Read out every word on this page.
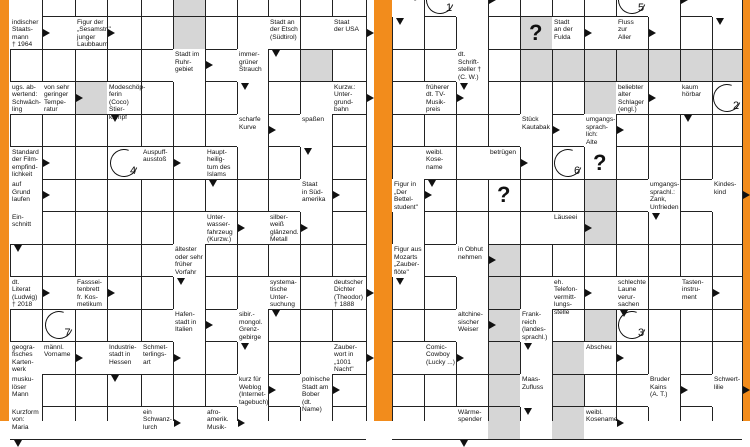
indischer
Staats-
mann
† 1964
Figur der
„Sesamstr."
junger
Laubbaum
Stadt an
der Etsch
(Südtirol)
Staat
der USA
Stadt im
Ruhr-
gebiet
immer-
grüner
Strauch
ugs. ab-
wertend:
Schwäch-
ling
von sehr
geringer
Tempe-
ratur
Modeschöp-
ferin (Coco)
Stier-
kampf
Kurzw.:
Unter-
grund-
bahn
scharfe
Kurve
spaßen
Standard
der Film-
empfind-
lichkeit
Auspuff-
ausstoß
Haupt-
heilig-
tum des
Islams
auf
Grund
laufen
Staat
in Süd-
amerika
Ein-
schnitt
Unter-
wasser-
fahrzeug
(Kurzw.)
silber-
weiß
glänzend.
Metall
ältester
oder sehr
früher
Vorfahr
dt.
Literat
(Ludwig)
† 2018
Fasssei-
tenbrett
fr. Kos-
metikum
systema-
tische
Unter-
suchung
deutscher
Dichter
(Theodor)
† 1888
Hafen-
stadt in
Italien
sibir.-
mongol.
Grenz-
gebirge
geogra-
fisches
Karten-
werk
männl.
Vorname
Industrie-
stadt in
Hessen
Schmet-
terlings-
art
Zauber-
wort in
„1001
Nacht"
musku-
löser
Mann
kurz für
Weblog
(Internet-
tagebuch)
polnische
Stadt am
Bober
(dt. Name)
Kurzform
von:
Maria
ein
Schwanz-
lurch
afro-
amerik.
Musik-
4
7
Stadt
an der
Fulda
Fluss
zur
Aller
dt.
Schrift-
steller †
(C. W.)
früherer
dt. TV-
Musik-
preis
beliebter
alter
Schlager
(engl.)
kaum
hörbar
Stück
Kautabak
umgangs-
sprach-
lich:
Alte
weibl.
Kose-
name
betrügen
Figur in
„Der
Bettel-
student"
umgangs-
sprachl.:
Zank,
Unfrieden
Kindes-
kind
Läuseei
Figur aus
Mozarts
„Zauber-
flöte"
in Obhut
nehmen
eh. Telefon-
vermitt-
lungs-
stelle
schlechte
Laune
verur-
sachen
Tasten-
instru-
ment
altchine-
sischer
Weiser
Frank-
reich
(landes-
sprachl.)
Comic-
Cowboy
(Lucky ...)
Abscheu
Maas-
Zufluss
Bruder
Kains
(A. T.)
Schwert-
lilie
Wärme-
spender
weibl.
Kosename
1	5
2
6
3
?
?
?
